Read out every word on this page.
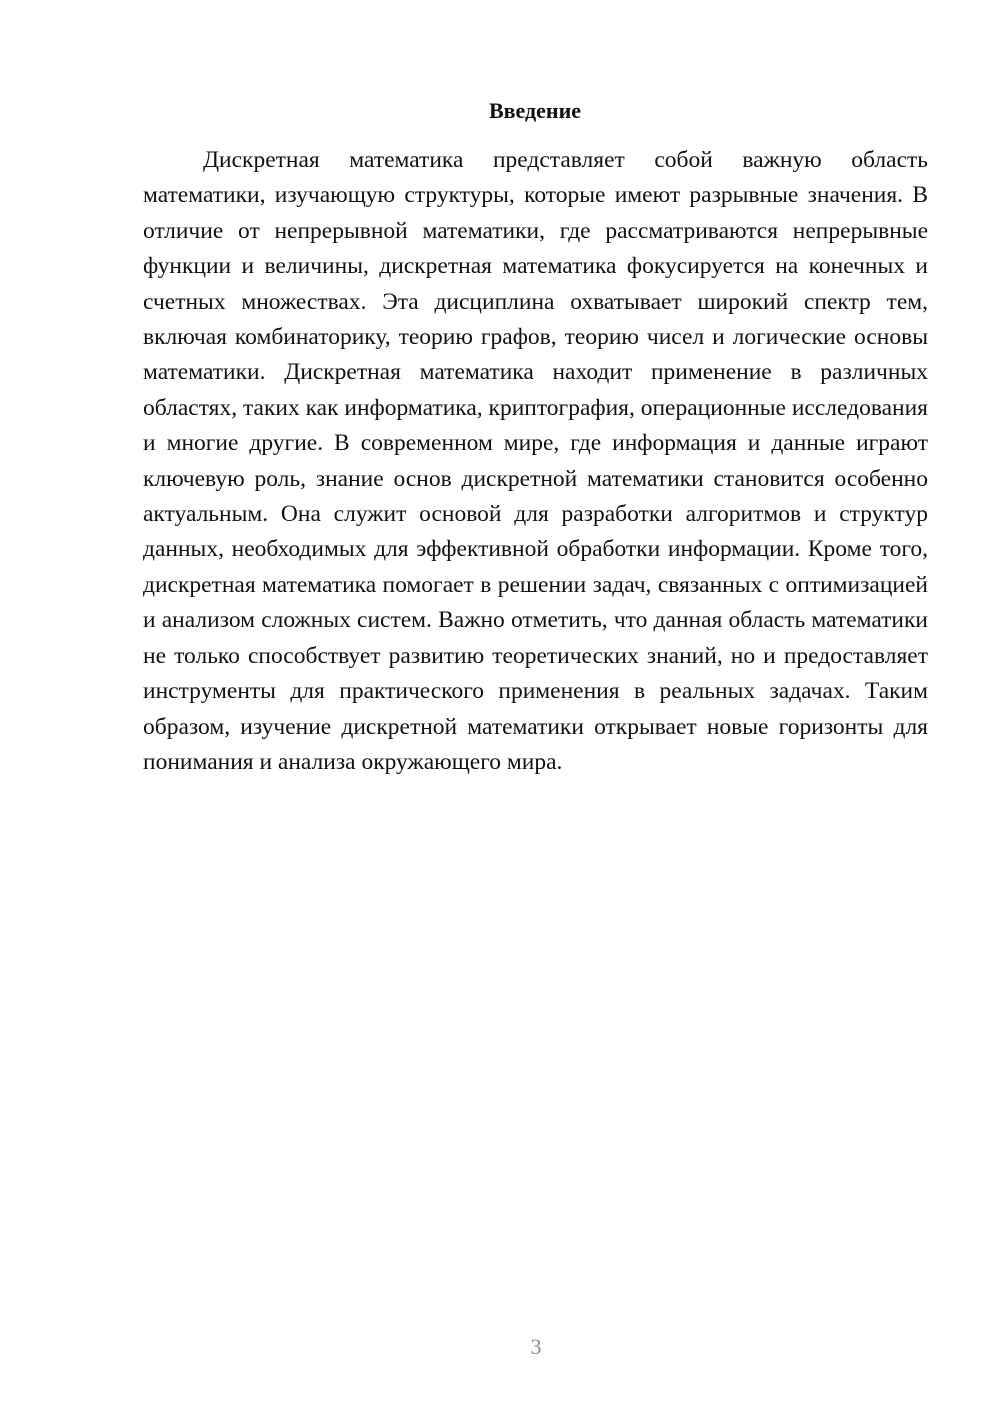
Введение

Дискретная математика представляет собой важную область математики, изучающую структуры, которые имеют разрывные значения. В отличие от непрерывной математики, где рассматриваются непрерывные функции и величины, дискретная математика фокусируется на конечных и счетных множествах. Эта дисциплина охватывает широкий спектр тем, включая комбинаторику, теорию графов, теорию чисел и логические основы математики. Дискретная математика находит применение в различных областях, таких как информатика, криптография, операционные исследования и многие другие. В современном мире, где информация и данные играют ключевую роль, знание основ дискретной математики становится особенно актуальным. Она служит основой для разработки алгоритмов и структур данных, необходимых для эффективной обработки информации. Кроме того, дискретная математика помогает в решении задач, связанных с оптимизацией и анализом сложных систем. Важно отметить, что данная область математики не только способствует развитию теоретических знаний, но и предоставляет инструменты для практического применения в реальных задачах. Таким образом, изучение дискретной математики открывает новые горизонты для понимания и анализа окружающего мира.

3
